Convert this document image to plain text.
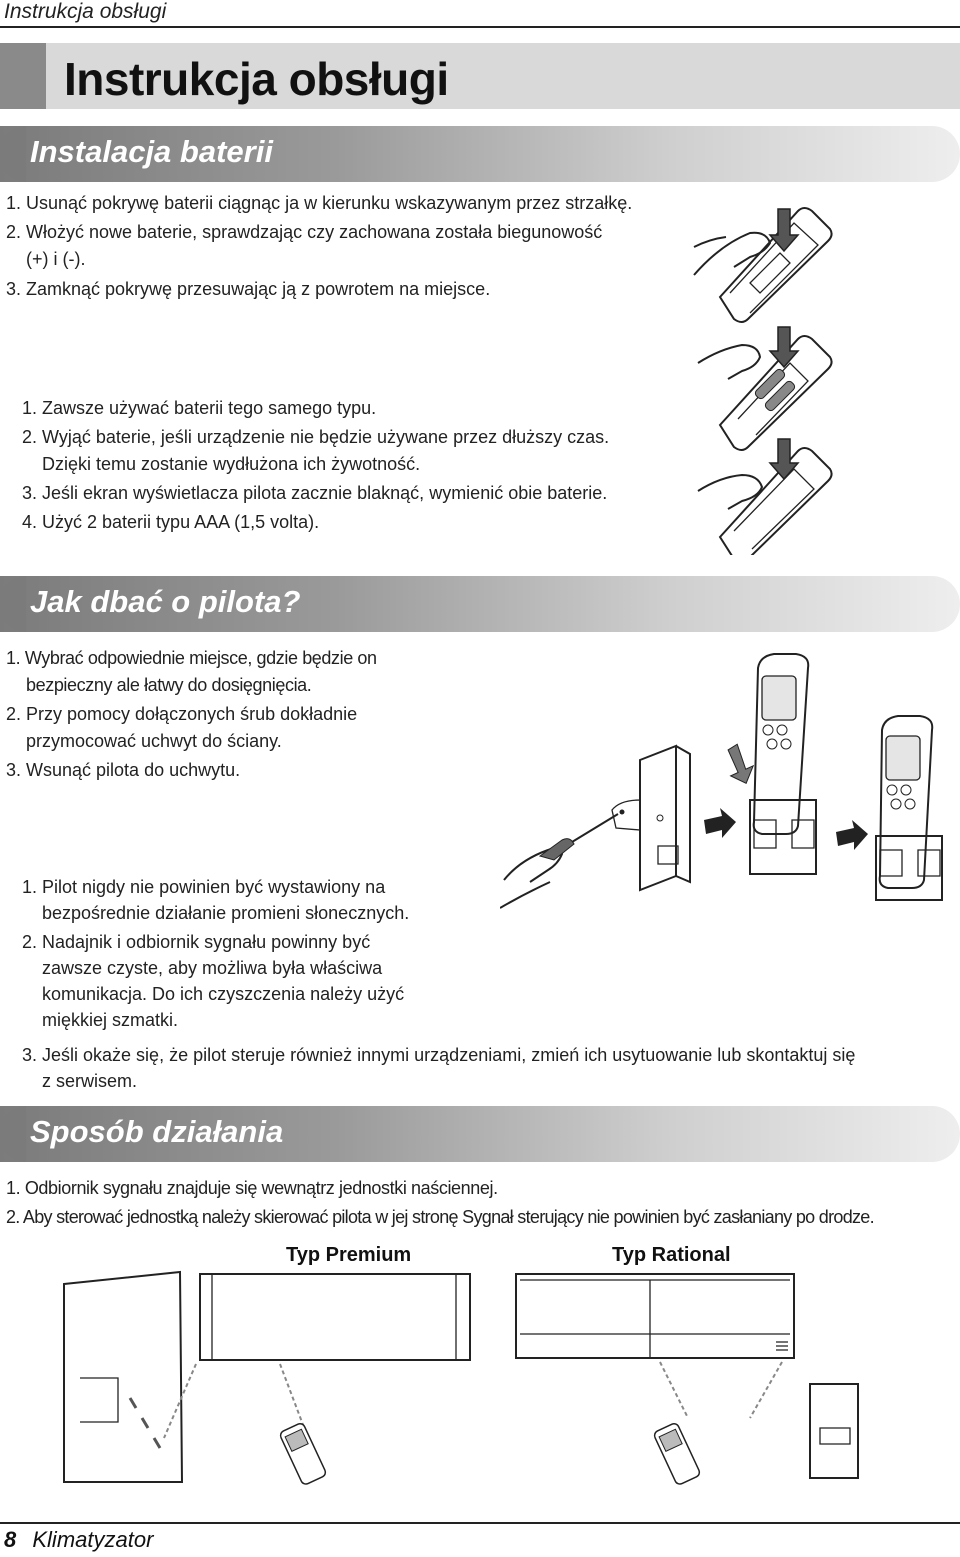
Instrukcja obsługi
Instrukcja obsługi
Instalacja baterii
1. Usunąć pokrywę baterii ciągnąc ja w kierunku wskazywanym przez strzałkę.
2. Włożyć nowe baterie, sprawdzając czy zachowana została biegunowość
(+) i (-).
3. Zamknąć pokrywę przesuwając ją z powrotem na miejsce.
1. Zawsze używać baterii tego samego typu.
2. Wyjąć baterie, jeśli urządzenie nie będzie używane przez dłuższy czas.
Dzięki temu zostanie wydłużona ich żywotność.
3. Jeśli ekran wyświetlacza pilota zacznie blaknąć, wymienić obie baterie.
4. Użyć 2 baterii typu AAA (1,5 volta).
Jak dbać o pilota?
1. Wybrać odpowiednie miejsce, gdzie będzie on
bezpieczny ale łatwy do dosięgnięcia.
2. Przy pomocy dołączonych śrub dokładnie
przymocować uchwyt do ściany.
3. Wsunąć pilota do uchwytu.
1. Pilot nigdy nie powinien być wystawiony na
bezpośrednie działanie promieni słonecznych.
2. Nadajnik i odbiornik sygnału powinny być
zawsze czyste, aby możliwa była właściwa
komunikacja. Do ich czyszczenia należy użyć
miękkiej szmatki.
3. Jeśli okaże się, że pilot steruje również innymi urządzeniami, zmień ich usytuowanie lub skontaktuj się
z serwisem.
Sposób działania
1. Odbiornik sygnału znajduje się wewnątrz jednostki naściennej.
2. Aby sterować jednostką należy skierować pilota w jej stronę Sygnał sterujący nie powinien być zasłaniany po drodze.
Typ Premium	Typ Rational
8 Klimatyzator
